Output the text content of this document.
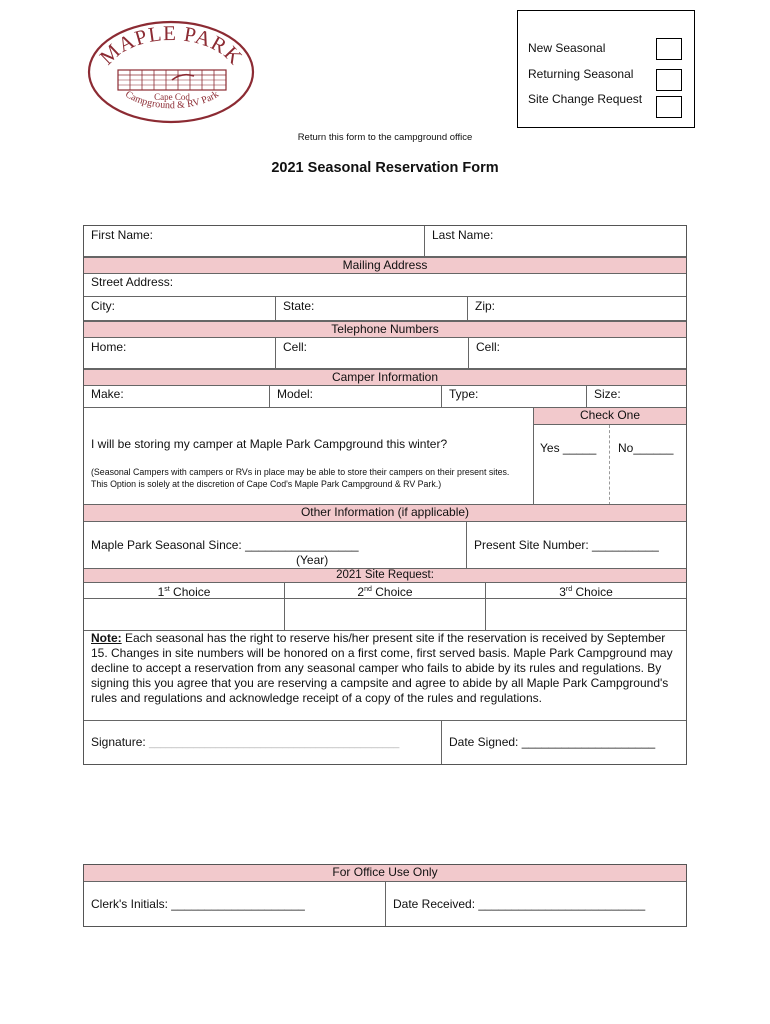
MAPLE PARK
Cape Cod
Campground & RV Park
New Seasonal
Returning Seasonal
Site Change Request
Return this form to the campground office
2021 Seasonal Reservation Form
First Name:	Last Name:
Mailing Address
Street Address:
City:	State:	Zip:
Telephone Numbers
Home:	Cell:	Cell:
Camper Information
Make:	Model:	Type:	Size:
Check One
I will be storing my camper at Maple Park Campground this winter?	Yes _____	No______
(Seasonal Campers with campers or RVs in place may be able to store their campers on their present sites. This Option is solely at the discretion of Cape Cod's Maple Park Campground & RV Park.)
Other Information (if applicable)
Maple Park Seasonal Since: _________________
(Year)
Present Site Number: __________
2021 Site Request:
1st Choice	2nd Choice	3rd Choice
Note: Each seasonal has the right to reserve his/her present site if the reservation is received by September 15. Changes in site numbers will be honored on a first come, first served basis. Maple Park Campground may decline to accept a reservation from any seasonal camper who fails to abide by its rules and regulations. By signing this you agree that you are reserving a campsite and agree to abide by all Maple Park Campground's rules and regulations and acknowledge receipt of a copy of the rules and regulations.
Signature: _____________________________________________	Date Signed: ____________________
For Office Use Only
Clerk's Initials: ____________________	Date Received: _________________________
